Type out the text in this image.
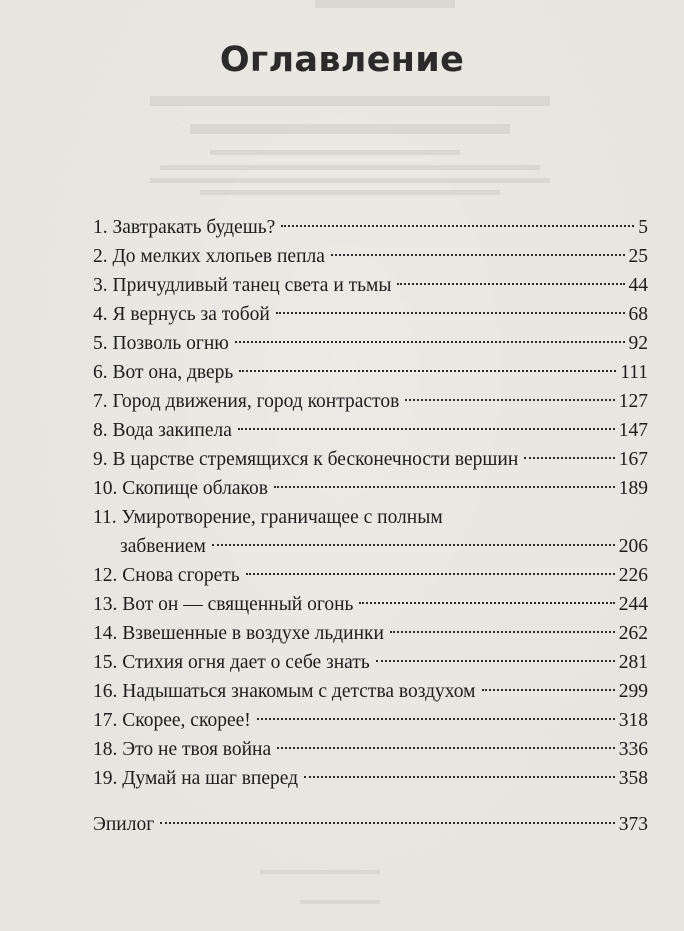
Оглавление
1. Завтракать будешь?	5
2. До мелких хлопьев пепла	25
3. Причудливый танец света и тьмы	44
4. Я вернусь за тобой	68
5. Позволь огню	92
6. Вот она, дверь	111
7. Город движения, город контрастов	127
8. Вода закипела	147
9. В царстве стремящихся к бесконечности вершин	167
10. Скопище облаков	189
11. Умиротворение, граничащее с полным
забвением	206
12. Снова сгореть	226
13. Вот он — священный огонь	244
14. Взвешенные в воздухе льдинки	262
15. Стихия огня дает о себе знать	281
16. Надышаться знакомым с детства воздухом	299
17. Скорее, скорее!	318
18. Это не твоя война	336
19. Думай на шаг вперед	358
Эпилог	373
